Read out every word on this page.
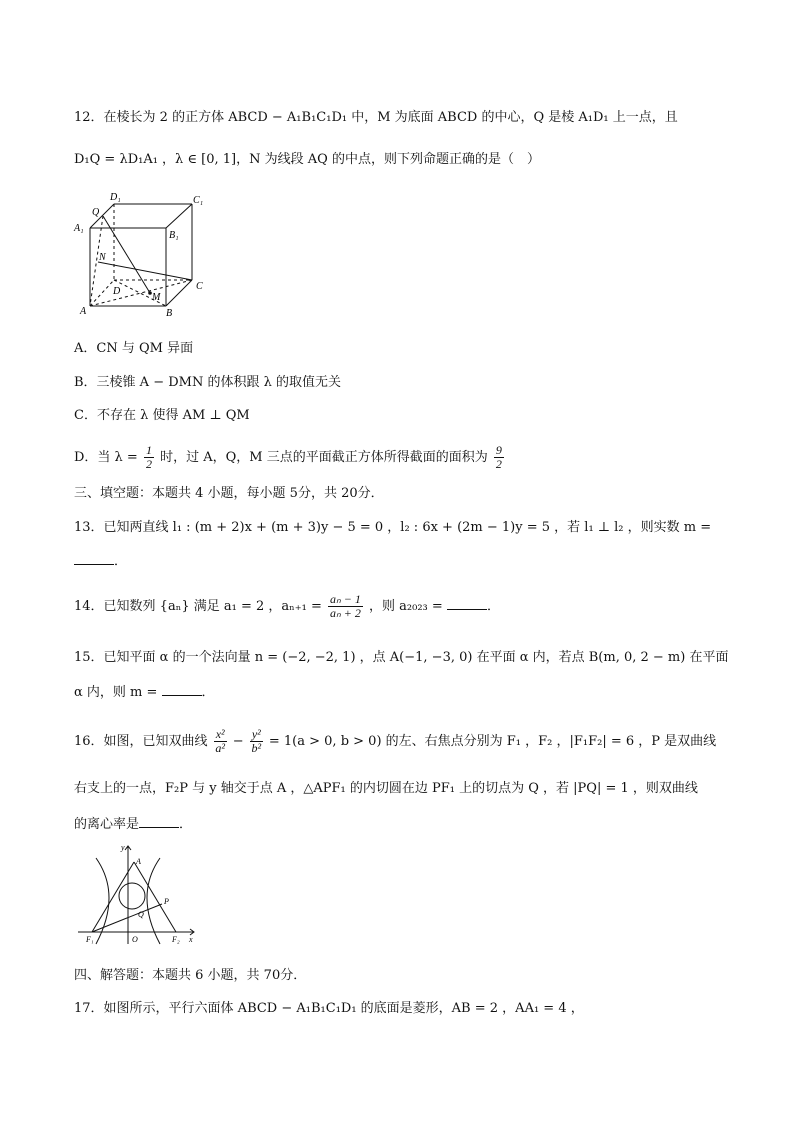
12．在棱长为 2 的正方体 ABCD − A₁B₁C₁D₁ 中，M 为底面 ABCD 的中心，Q 是棱 A₁D₁ 上一点，且
D₁Q = λD₁A₁ ，λ ∈ [0, 1]，N 为线段 AQ 的中点，则下列命题正确的是（　）
D₁	C₁
Q
A₁
B₁
N
D
M
C
A	B
A．CN 与 QM 异面
B．三棱锥 A − DMN 的体积跟 λ 的取值无关
C．不存在 λ 使得 AM ⊥ QM
D．当 $\lambda = \frac{1}{2}$ 时，过 A，Q，M 三点的平面截正方体所得截面的面积为 $\frac{9}{2}$
三、填空题：本题共 4 小题，每小题 5分，共 20分．
13．已知两直线 l₁ : (m + 2)x + (m + 3)y − 5 = 0 ，l₂ : 6x + (2m − 1)y = 5 ，若 l₁ ⊥ l₂ ，则实数 m =
．
14．已知数列 {aₙ} 满足 a₁ = 2 ，$a_{n+1} = \frac{\text{aₙ − 1}}{\text{aₙ + 2}}$ ，则 a₂₀₂₃ =	．
15．已知平面 α 的一个法向量 n = (−2, −2, 1) ，点 A(−1, −3, 0) 在平面 α 内，若点 B(m, 0, 2 − m) 在平面
α 内，则 m =	．
16．如图，已知双曲线 $\frac{\text{x²}}{\text{a²}} - \frac{\text{y²}}{\text{b²}} = 1(a > 0$, b > 0) 的左、右焦点分别为 F₁ ，F₂ ，|F₁F₂| = 6 ，P 是双曲线
右支上的一点，F₂P 与 y 轴交于点 A ，△APF₁ 的内切圆在边 PF₁ 上的切点为 Q ，若 |PQ| = 1 ，则双曲线
的离心率是	．
y
A
P
Q
F₁	O	F₂ x
四、解答题：本题共 6 小题，共 70分．
17．如图所示，平行六面体 ABCD − A₁B₁C₁D₁ 的底面是菱形，AB = 2 ，AA₁ = 4 ，
